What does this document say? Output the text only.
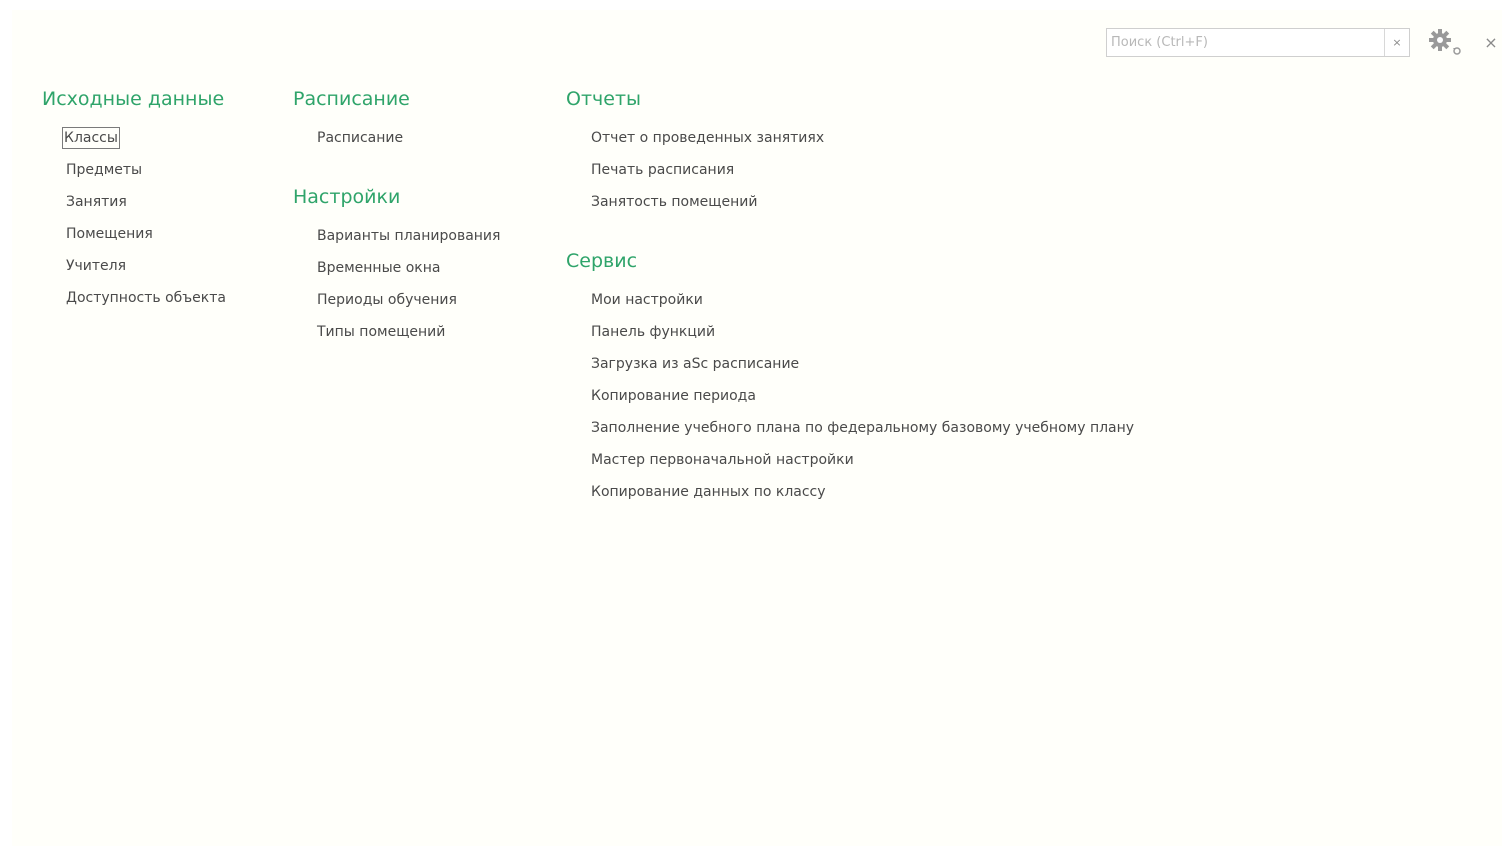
Поиск (Ctrl+F)
×	×
Исходные данные
Классы
Предметы
Занятия
Помещения
Учителя
Доступность объекта
Расписание
Расписание
Настройки
Варианты планирования
Временные окна
Периоды обучения
Типы помещений
Отчеты
Отчет о проведенных занятиях
Печать расписания
Занятость помещений
Сервис
Мои настройки
Панель функций
Загрузка из aSc расписание
Копирование периода
Заполнение учебного плана по федеральному базовому учебному плану
Мастер первоначальной настройки
Копирование данных по классу
